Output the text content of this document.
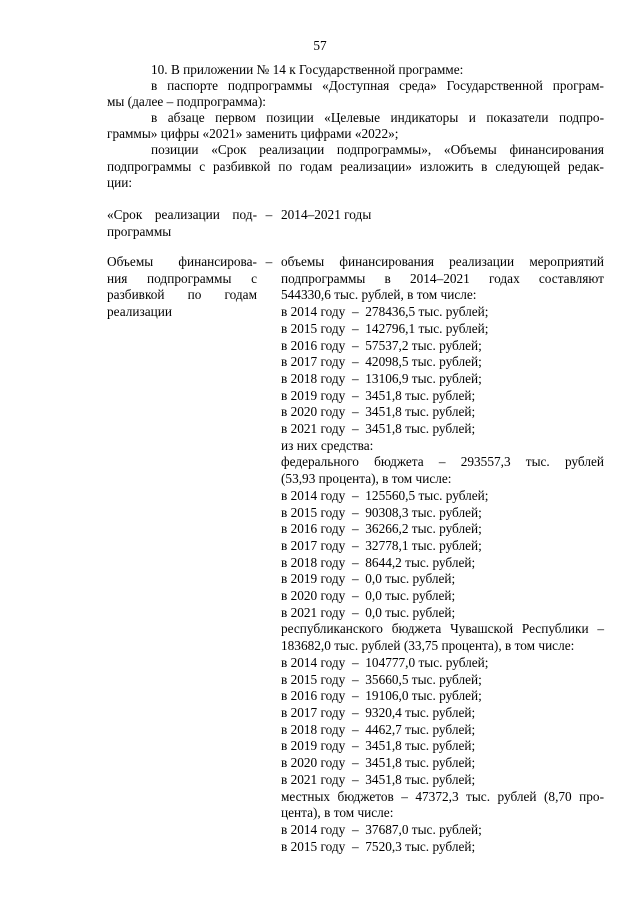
57

10. В приложении № 14 к Государственной программе:

в паспорте подпрограммы «Доступная среда» Государственной програм-

мы (далее – подпрограмма):

в абзаце первом позиции «Целевые индикаторы и показатели подпро-

граммы» цифры «2021» заменить цифрами «2022»;

позиции «Срок реализации подпрограммы», «Объемы финансирования

подпрограммы с разбивкой по годам реализации» изложить в следующей редак-

ции:

«Срок реализации под-
программы
– 2014–2021 годы
Объемы финансирова-
ния подпрограммы с
разбивкой по годам
реализации
– объемы финансирования реализации мероприятий
подпрограммы в 2014–2021 годах составляют
544330,6 тыс. рублей, в том числе:
в 2014 году  –  278436,5 тыс. рублей;
в 2015 году  –  142796,1 тыс. рублей;
в 2016 году  –  57537,2 тыс. рублей;
в 2017 году  –  42098,5 тыс. рублей;
в 2018 году  –  13106,9 тыс. рублей;
в 2019 году  –  3451,8 тыс. рублей;
в 2020 году  –  3451,8 тыс. рублей;
в 2021 году  –  3451,8 тыс. рублей;
из них средства:
федерального бюджета – 293557,3 тыс. рублей
(53,93 процента), в том числе:
в 2014 году  –  125560,5 тыс. рублей;
в 2015 году  –  90308,3 тыс. рублей;
в 2016 году  –  36266,2 тыс. рублей;
в 2017 году  –  32778,1 тыс. рублей;
в 2018 году  –  8644,2 тыс. рублей;
в 2019 году  –  0,0 тыс. рублей;
в 2020 году  –  0,0 тыс. рублей;
в 2021 году  –  0,0 тыс. рублей;
республиканского бюджета Чувашской Республики –
183682,0 тыс. рублей (33,75 процента), в том числе:
в 2014 году  –  104777,0 тыс. рублей;
в 2015 году  –  35660,5 тыс. рублей;
в 2016 году  –  19106,0 тыс. рублей;
в 2017 году  –  9320,4 тыс. рублей;
в 2018 году  –  4462,7 тыс. рублей;
в 2019 году  –  3451,8 тыс. рублей;
в 2020 году  –  3451,8 тыс. рублей;
в 2021 году  –  3451,8 тыс. рублей;
местных бюджетов – 47372,3 тыс. рублей (8,70 про-
цента), в том числе:
в 2014 году  –  37687,0 тыс. рублей;
в 2015 году  –  7520,3 тыс. рублей;
